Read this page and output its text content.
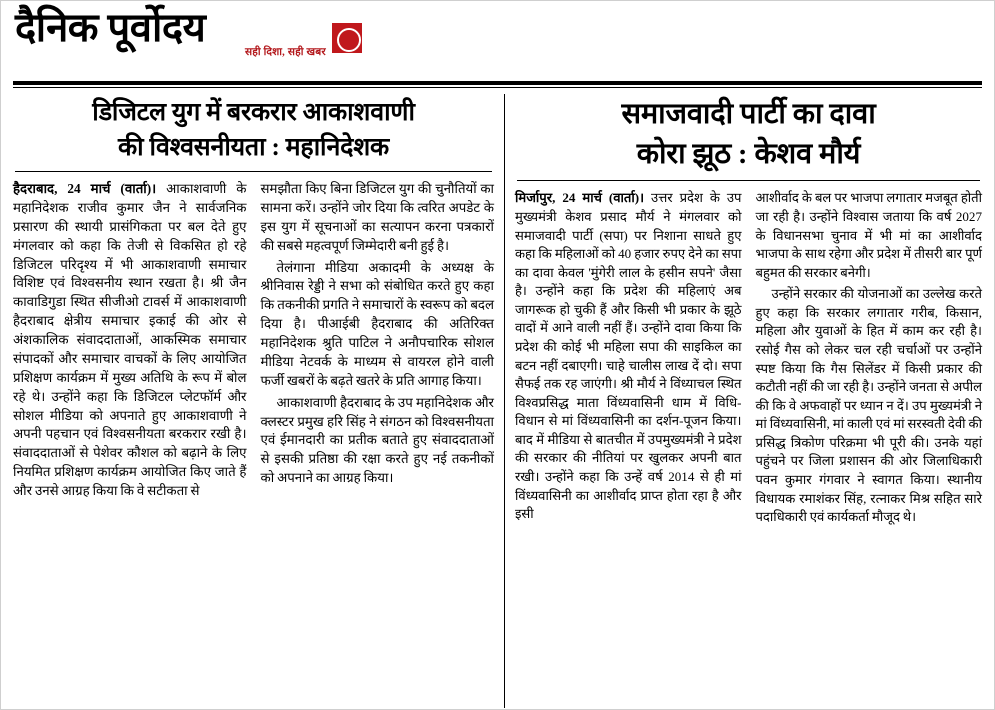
दैनिक पूर्वोदय
सही दिशा, सही खबर
डिजिटल युग में बरकरार आकाशवाणी
की विश्वसनीयता : महानिदेशक

हैदराबाद, 24 मार्च (वार्ता)। आकाशवाणी के महानिदेशक राजीव कुमार जैन ने सार्वजनिक प्रसारण की स्थायी प्रासंगिकता पर बल देते हुए मंगलवार को कहा कि तेजी से विकसित हो रहे डिजिटल परिदृश्य में भी आकाशवाणी समाचार विशिष्ट एवं विश्वसनीय स्थान रखता है। श्री जैन कावाडिगुडा स्थित सीजीओ टावर्स में आकाशवाणी हैदराबाद क्षेत्रीय समाचार इकाई की ओर से अंशकालिक संवाददाताओं, आकस्मिक समाचार संपादकों और समाचार वाचकों के लिए आयोजित प्रशिक्षण कार्यक्रम में मुख्य अतिथि के रूप में बोल रहे थे। उन्होंने कहा कि डिजिटल प्लेटफॉर्म और सोशल मीडिया को अपनाते हुए आकाशवाणी ने अपनी पहचान एवं विश्वसनीयता बरकरार रखी है। संवाददाताओं से पेशेवर कौशल को बढ़ाने के लिए नियमित प्रशिक्षण कार्यक्रम आयोजित किए जाते हैं और उनसे आग्रह किया कि वे सटीकता से

समझौता किए बिना डिजिटल युग की चुनौतियों का सामना करें। उन्होंने जोर दिया कि त्वरित अपडेट के इस युग में सूचनाओं का सत्यापन करना पत्रकारों की सबसे महत्वपूर्ण जिम्मेदारी बनी हुई है।

तेलंगाना मीडिया अकादमी के अध्यक्ष के श्रीनिवास रेड्डी ने सभा को संबोधित करते हुए कहा कि तकनीकी प्रगति ने समाचारों के स्वरूप को बदल दिया है। पीआईबी हैदराबाद की अतिरिक्त महानिदेशक श्रुति पाटिल ने अनौपचारिक सोशल मीडिया नेटवर्क के माध्यम से वायरल होने वाली फर्जी खबरों के बढ़ते खतरे के प्रति आगाह किया।

आकाशवाणी हैदराबाद के उप महानिदेशक और क्लस्टर प्रमुख हरि सिंह ने संगठन को विश्वसनीयता एवं ईमानदारी का प्रतीक बताते हुए संवाददाताओं से इसकी प्रतिष्ठा की रक्षा करते हुए नई तकनीकों को अपनाने का आग्रह किया।

समाजवादी पार्टी का दावा
कोरा झूठ : केशव मौर्य

मिर्जापुर, 24 मार्च (वार्ता)। उत्तर प्रदेश के उप मुख्यमंत्री केशव प्रसाद मौर्य ने मंगलवार को समाजवादी पार्टी (सपा) पर निशाना साधते हुए कहा कि महिलाओं को 40 हजार रुपए देने का सपा का दावा केवल 'मुंगेरी लाल के हसीन सपने' जैसा है। उन्होंने कहा कि प्रदेश की महिलाएं अब जागरूक हो चुकी हैं और किसी भी प्रकार के झूठे वादों में आने वाली नहीं हैं। उन्होंने दावा किया कि प्रदेश की कोई भी महिला सपा की साइकिल का बटन नहीं दबाएगी। चाहे चालीस लाख दें दो। सपा सैफई तक रह जाएंगी। श्री मौर्य ने विंध्याचल स्थित विश्वप्रसिद्ध माता विंध्यवासिनी धाम में विधि-विधान से मां विंध्यवासिनी का दर्शन-पूजन किया। बाद में मीडिया से बातचीत में उपमुख्यमंत्री ने प्रदेश की सरकार की नीतियां पर खुलकर अपनी बात रखी। उन्होंने कहा कि उन्हें वर्ष 2014 से ही मां विंध्यवासिनी का आशीर्वाद प्राप्त होता रहा है और इसी

आशीर्वाद के बल पर भाजपा लगातार मजबूत होती जा रही है। उन्होंने विश्वास जताया कि वर्ष 2027 के विधानसभा चुनाव में भी मां का आशीर्वाद भाजपा के साथ रहेगा और प्रदेश में तीसरी बार पूर्ण बहुमत की सरकार बनेगी।

उन्होंने सरकार की योजनाओं का उल्लेख करते हुए कहा कि सरकार लगातार गरीब, किसान, महिला और युवाओं के हित में काम कर रही है। रसोई गैस को लेकर चल रही चर्चाओं पर उन्होंने स्पष्ट किया कि गैस सिलेंडर में किसी प्रकार की कटौती नहीं की जा रही है। उन्होंने जनता से अपील की कि वे अफवाहों पर ध्यान न दें। उप मुख्यमंत्री ने मां विंध्यवासिनी, मां काली एवं मां सरस्वती देवी की प्रसिद्ध त्रिकोण परिक्रमा भी पूरी की। उनके यहां पहुंचने पर जिला प्रशासन की ओर जिलाधिकारी पवन कुमार गंगवार ने स्वागत किया। स्थानीय विधायक रमाशंकर सिंह, रत्नाकर मिश्र सहित सारे पदाधिकारी एवं कार्यकर्ता मौजूद थे।
